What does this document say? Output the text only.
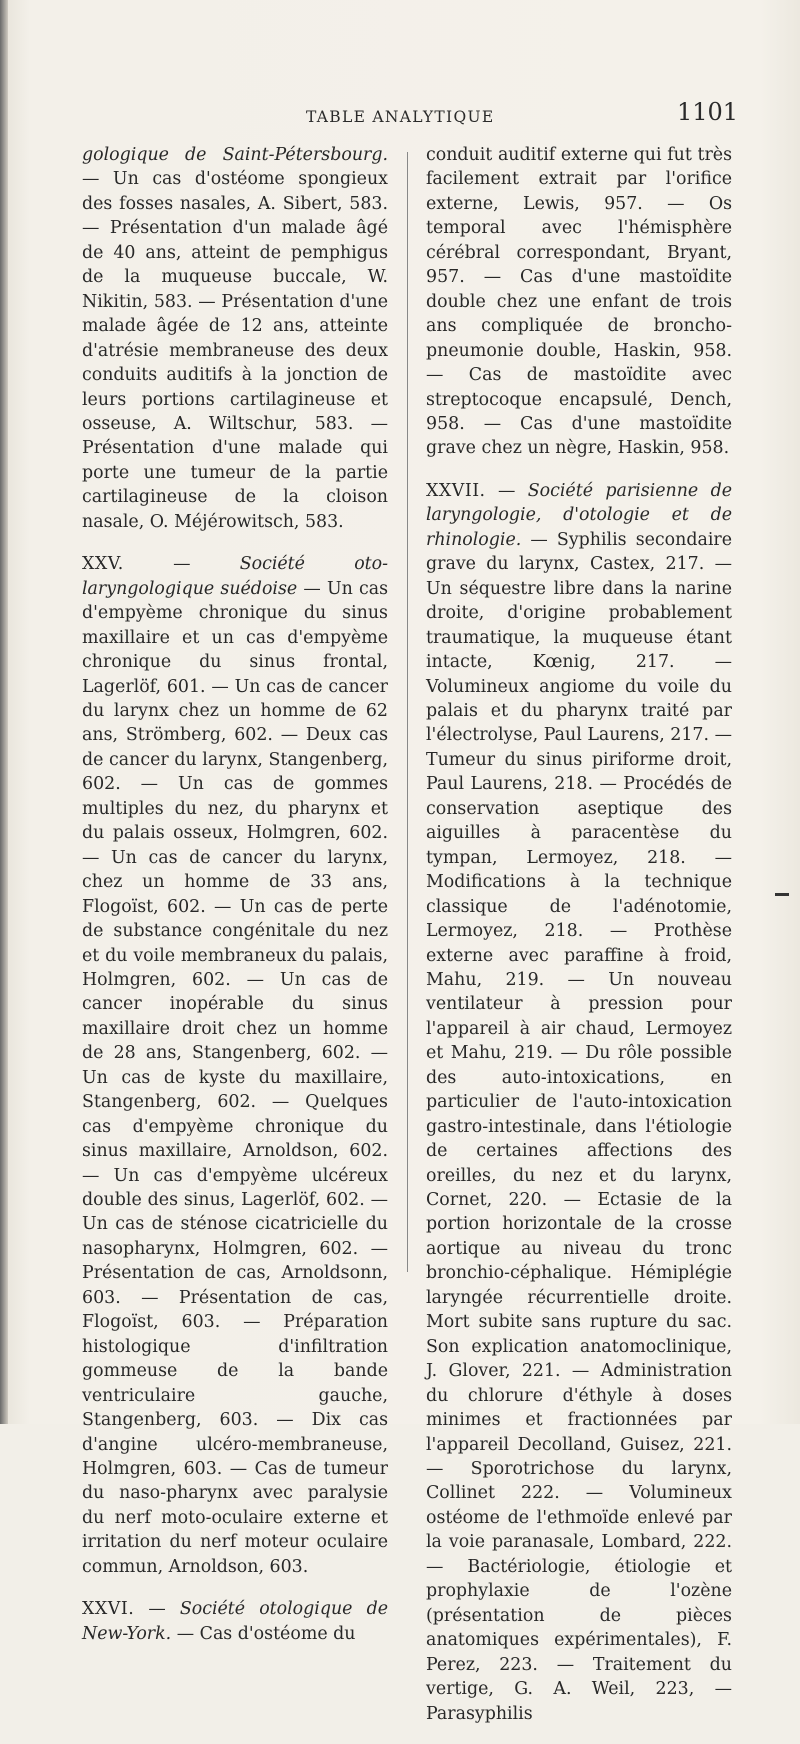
TABLE ANALYTIQUE	1101

gologique de Saint-Pétersbourg. — Un cas d'ostéome spongieux des fosses nasales, A. Sibert, 583. — Présentation d'un malade âgé de 40 ans, atteint de pemphigus de la muqueuse buccale, W. Nikitin, 583. — Présentation d'une malade âgée de 12 ans, atteinte d'atrésie membraneuse des deux conduits auditifs à la jonction de leurs portions cartilagineuse et osseuse, A. Wiltschur, 583. — Présentation d'une malade qui porte une tumeur de la partie cartilagineuse de la cloison nasale, O. Méjérowitsch, 583.

XXV.	—	Société oto-laryngologique suédoise — Un cas d'empyème chronique du sinus maxillaire et un cas d'empyème chronique du sinus frontal, Lagerlöf, 601. — Un cas de cancer du larynx chez un homme de 62 ans, Strömberg, 602. — Deux cas de cancer du larynx, Stangenberg, 602. — Un cas de gommes multiples du nez, du pharynx et du palais osseux, Holmgren, 602. — Un cas de cancer du larynx, chez un homme de 33 ans, Flogoïst, 602. — Un cas de perte de substance congénitale du nez et du voile membraneux du palais, Holmgren, 602. — Un cas de cancer inopérable du sinus maxillaire droit chez un homme de 28 ans, Stangenberg, 602. — Un cas de kyste du maxillaire, Stangenberg, 602. — Quelques cas d'empyème chronique du sinus maxillaire, Arnoldson, 602. — Un cas d'empyème ulcéreux double des sinus, Lagerlöf, 602. — Un cas de sténose cicatricielle du nasopharynx, Holmgren, 602. — Présentation de cas, Arnoldsonn, 603. — Présentation de cas, Flogoïst, 603. — Préparation histologique d'infiltration gommeuse de la bande ventriculaire gauche, Stangenberg, 603. — Dix cas d'angine ulcéro-membraneuse, Holmgren, 603. — Cas de tumeur du naso-pharynx avec paralysie du nerf moto-oculaire externe et irritation du nerf moteur oculaire commun, Arnoldson, 603.

XXVI. — Société otologique de New-York. — Cas d'ostéome du

conduit auditif externe qui fut très facilement extrait par l'orifice externe, Lewis, 957. — Os temporal avec l'hémisphère cérébral correspondant, Bryant, 957. — Cas d'une mastoïdite double chez une enfant de trois ans compliquée de broncho-pneumonie double, Haskin, 958. — Cas de mastoïdite avec streptocoque encapsulé, Dench, 958. — Cas d'une mastoïdite grave chez un nègre, Haskin, 958.

XXVII. — Société parisienne de laryngologie, d'otologie et de rhinologie. — Syphilis secondaire grave du larynx, Castex, 217. — Un séquestre libre dans la narine droite, d'origine probablement traumatique, la muqueuse étant intacte, Kœnig, 217. — Volumineux angiome du voile du palais et du pharynx traité par l'électrolyse, Paul Laurens, 217. — Tumeur du sinus piriforme droit, Paul Laurens, 218. — Procédés de conservation aseptique des aiguilles à paracentèse du tympan, Lermoyez, 218. — Modifications à la technique classique de l'adénotomie, Lermoyez, 218. — Prothèse externe avec paraffine à froid, Mahu, 219. — Un nouveau ventilateur à pression pour l'appareil à air chaud, Lermoyez et Mahu, 219. — Du rôle possible des auto-intoxications, en particulier de l'auto-intoxication gastro-intestinale, dans l'étiologie de certaines affections des oreilles, du nez et du larynx, Cornet, 220. — Ectasie de la portion horizontale de la crosse aortique au niveau du tronc bronchio-céphalique. Hémiplégie laryngée récurrentielle droite. Mort subite sans rupture du sac. Son explication anatomoclinique, J. Glover, 221. — Administration du chlorure d'éthyle à doses minimes et fractionnées par l'appareil Decolland, Guisez, 221. — Sporotrichose du larynx, Collinet 222. — Volumineux ostéome de l'ethmoïde enlevé par la voie paranasale, Lombard, 222. — Bactériologie, étiologie et prophylaxie de l'ozène (présentation de pièces anatomiques expérimentales), F. Perez, 223. — Traitement du vertige, G. A. Weil, 223, — Parasyphilis
